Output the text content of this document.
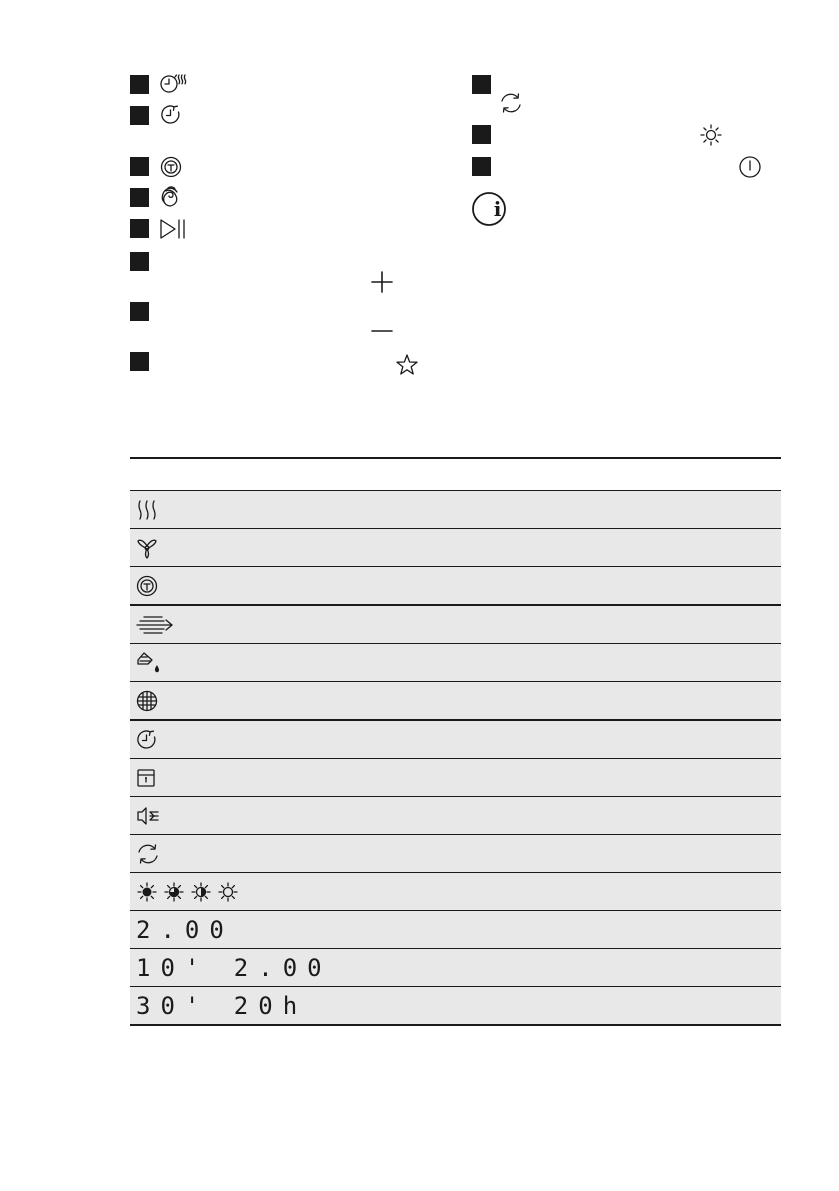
i

2.00	

10' 2.00	

30' 20h	
